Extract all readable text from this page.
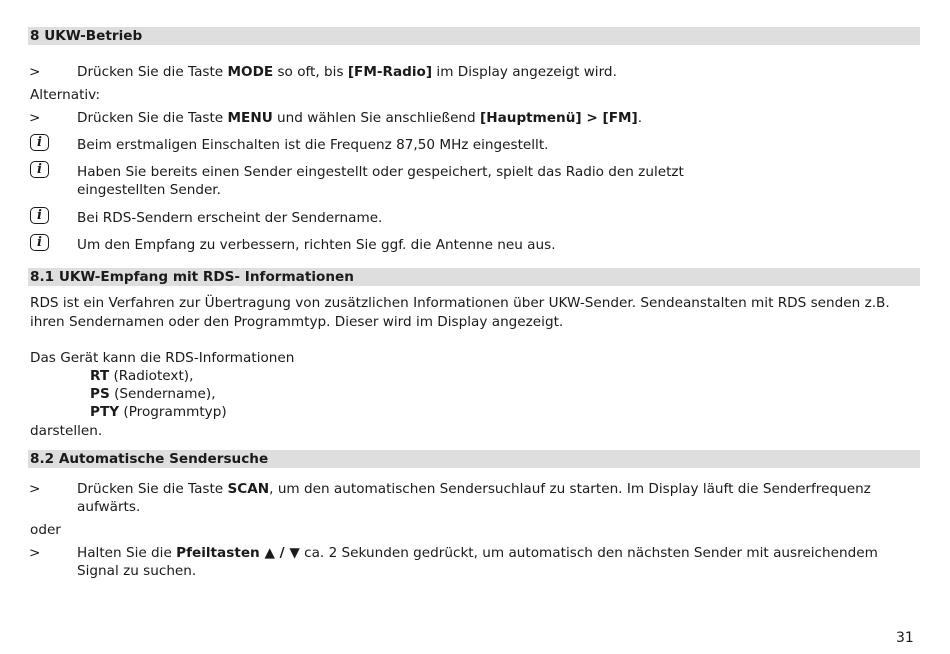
8 UKW-Betrieb
>	Drücken Sie die Taste MODE so oft, bis [FM-Radio] im Display angezeigt wird.
Alternativ:
>	Drücken Sie die Taste MENU und wählen Sie anschließend [Hauptmenü] > [FM].
i	Beim erstmaligen Einschalten ist die Frequenz 87,50 MHz eingestellt.
i	Haben Sie bereits einen Sender eingestellt oder gespeichert, spielt das Radio den zuletzt
eingestellten Sender.
i	Bei RDS-Sendern erscheint der Sendername.
i	Um den Empfang zu verbessern, richten Sie ggf. die Antenne neu aus.
8.1 UKW-Empfang mit RDS- Informationen
RDS ist ein Verfahren zur Übertragung von zusätzlichen Informationen über UKW-Sender. Sendeanstalten mit RDS senden z.B.
ihren Sendernamen oder den Programmtyp. Dieser wird im Display angezeigt.
Das Gerät kann die RDS-Informationen
RT (Radiotext),
PS (Sendername),
PTY (Programmtyp)
darstellen.
8.2 Automatische Sendersuche
>	Drücken Sie die Taste SCAN, um den automatischen Sendersuchlauf zu starten. Im Display läuft die Senderfrequenz
aufwärts.
oder
>	Halten Sie die Pfeiltasten ▲ / ▼ ca. 2 Sekunden gedrückt, um automatisch den nächsten Sender mit ausreichendem
Signal zu suchen.
31
